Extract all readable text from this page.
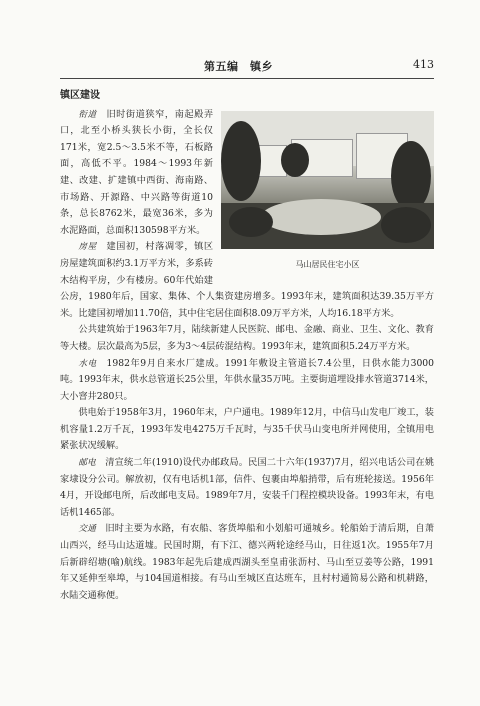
第五编　镇乡	413
镇区建设
马山居民住宅小区

衔道　 旧时街道狭窄，南起殿弄口，北至小桥头狭长小街，全长仅171米，宽2.5～3.5米不等，石板路面，高低不平。1984～1993年新建、改建、扩建镇中西街、海南路、市场路、开源路、中兴路等街道10条，总长8762米，最宽36米，多为水泥路面，总面积130598平方米。

房屋　 建国初，村落凋零，镇区房屋建筑面积约3.1万平方米，多系砖木结构平房，少有楼房。60年代始建公房，1980年后，国家、集体、个人集资建房增多。1993年末，建筑面积达39.35万平方米。比建国初增加11.70倍，其中住宅居住面积8.09万平方米，人均16.18平方米。

公共建筑始于1963年7月，陆续新建人民医院、邮电、金融、商业、卫生、文化、教育等大楼。层次最高为5层，多为3～4层砖混结构。1993年末，建筑面积5.24万平方米。

水电　 1982年9月自来水厂建成。1991年敷设主管道长7.4公里，日供水能力3000吨。1993年末，供水总管道长25公里，年供水量35万吨。主要街道埋设排水管道3714米，大小窨井280只。

供电始于1958年3月，1960年末，户户通电。1989年12月，中信马山发电厂竣工，装机容量1.2万千瓦，1993年发电4275万千瓦时，与35千伏马山变电所并网使用，全镇用电紧张状况缓解。

邮电　 清宣统二年(1910)设代办邮政局。民国二十六年(1937)7月，绍兴电话公司在姚家埭设分公司。解放初，仅有电话机1部，信件、包裹由埠船捎带，后有班轮接送。1956年4月，开设邮电所，后改邮电支局。1989年7月，安装千门程控模块设备。1993年末，有电话机1465部。

交通　 旧时主要为水路，有农船、客货埠船和小划船可通城乡。轮船始于清后期，自萧山西兴，经马山达道墟。民国时期，有下江、德兴两轮途经马山，日往返1次。1955年7月后新辟绍塘(喻)航线。1983年起先后建成西湖头至皇甫张沥村、马山至豆姜等公路，1991年又延伸至皋埠，与104国道相接。有马山至城区直达班车，且村村通简易公路和机耕路，水陆交通称便。
